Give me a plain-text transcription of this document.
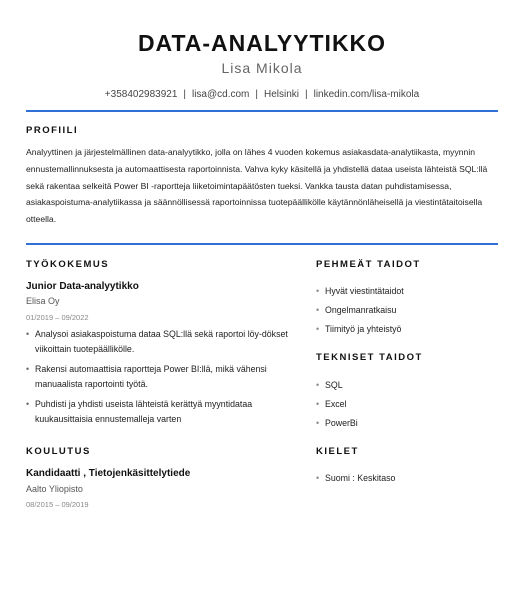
DATA-ANALYYTIKKO
Lisa Mikola
+358402983921 | lisa@cd.com | Helsinki | linkedin.com/lisa-mikola
PROFIILI
Analyyttinen ja järjestelmällinen data-analyytikko, jolla on lähes 4 vuoden kokemus asiakasdata-analytiikasta, myynnin ennustemallinnuksesta ja automaattisesta raportoinnista. Vahva kyky käsitellä ja yhdistellä dataa useista lähteistä SQL:llä sekä rakentaa selkeitä Power BI -raportteja liiketoimintapäätösten tueksi. Vankka tausta datan puhdistamisessa, asiakaspoistuma-analytiikassa ja säännöllisessä raportoinnissa tuotepäällikölle käytännönläheisellä ja viestintätaitoisella otteella.
TYÖKOKEMUS
Junior Data-analyytikko
Elisa Oy
01/2019 – 09/2022
• Analysoi asiakaspoistuma dataa SQL:llä sekä raportoi löy-dökset viikoittain tuotepäällikölle.
• Rakensi automaattisia raportteja Power BI:llä, mikä vähensi manuaalista raportointi työtä.
• Puhdisti ja yhdisti useista lähteistä kerättyä myyntidataa kuukausittaisia ennustemalleja varten
KOULUTUS
Kandidaatti , Tietojenkäsittelytiede
Aalto Yliopisto
08/2015 – 09/2019
PEHMEÄT TAIDOT
• Hyvät viestintätaidot
• Ongelmanratkaisu
• Tiimityö ja yhteistyö
TEKNISET TAIDOT
• SQL
• Excel
• PowerBi
KIELET
• Suomi : Keskitaso
